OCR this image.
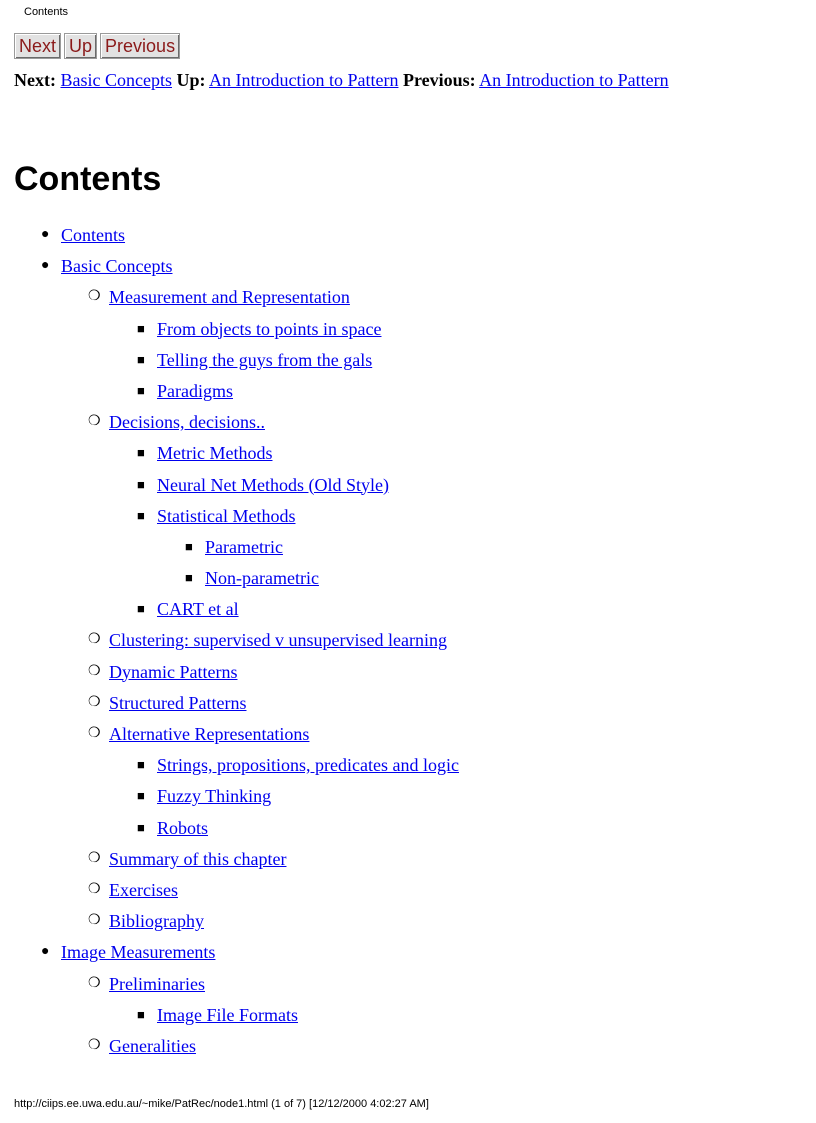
Contents
Next Up Previous
Next: Basic Concepts Up: An Introduction to Pattern Previous: An Introduction to Pattern
Contents
● Contents
● Basic Concepts
❍ Measurement and Representation
■ From objects to points in space
■ Telling the guys from the gals
■ Paradigms
❍ Decisions, decisions..
■ Metric Methods
■ Neural Net Methods (Old Style)
■ Statistical Methods
■ Parametric
■ Non-parametric
■ CART et al
❍ Clustering: supervised v unsupervised learning
❍ Dynamic Patterns
❍ Structured Patterns
❍ Alternative Representations
■ Strings, propositions, predicates and logic
■ Fuzzy Thinking
■ Robots
❍ Summary of this chapter
❍ Exercises
❍ Bibliography
● Image Measurements
❍ Preliminaries
■ Image File Formats
❍ Generalities
http://ciips.ee.uwa.edu.au/~mike/PatRec/node1.html (1 of 7) [12/12/2000 4:02:27 AM]
